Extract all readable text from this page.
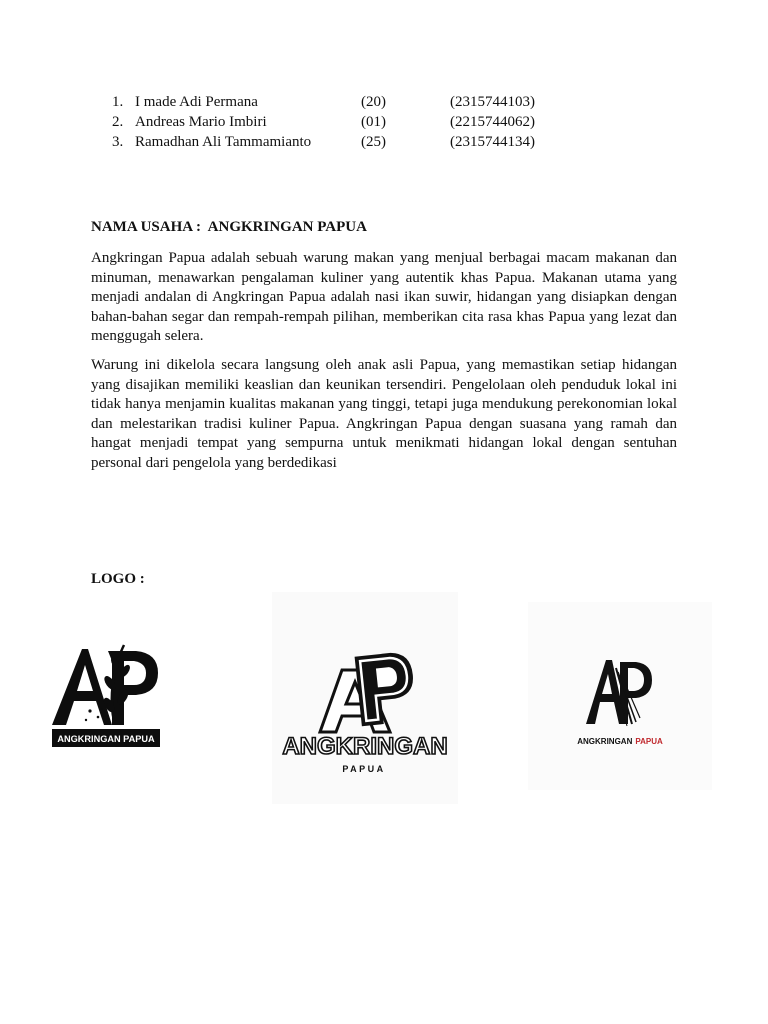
1. I made Adi Permana	(20)	(2315744103)
2. Andreas Mario Imbiri	(01)	(2215744062)
3. Ramadhan Ali Tammamianto	(25)	(2315744134)
NAMA USAHA :  ANGKRINGAN PAPUA

Angkringan Papua adalah sebuah warung makan yang menjual berbagai macam makanan dan minuman, menawarkan pengalaman kuliner yang autentik khas Papua. Makanan utama yang menjadi andalan di Angkringan Papua adalah nasi ikan suwir, hidangan yang disiapkan dengan bahan-bahan segar dan rempah-rempah pilihan, memberikan cita rasa khas Papua yang lezat dan menggugah selera.

Warung ini dikelola secara langsung oleh anak asli Papua, yang memastikan setiap hidangan yang disajikan memiliki keaslian dan keunikan tersendiri. Pengelolaan oleh penduduk lokal ini tidak hanya menjamin kualitas makanan yang tinggi, tetapi juga mendukung perekonomian lokal dan melestarikan tradisi kuliner Papua. Angkringan Papua dengan suasana yang ramah dan hangat menjadi tempat yang sempurna untuk menikmati hidangan lokal dengan sentuhan personal dari pengelola yang berdedikasi

LOGO :
ANGKRINGAN PAPUA	ANGKRINGAN
PAPUA
ANGKRINGAN PAPUA
